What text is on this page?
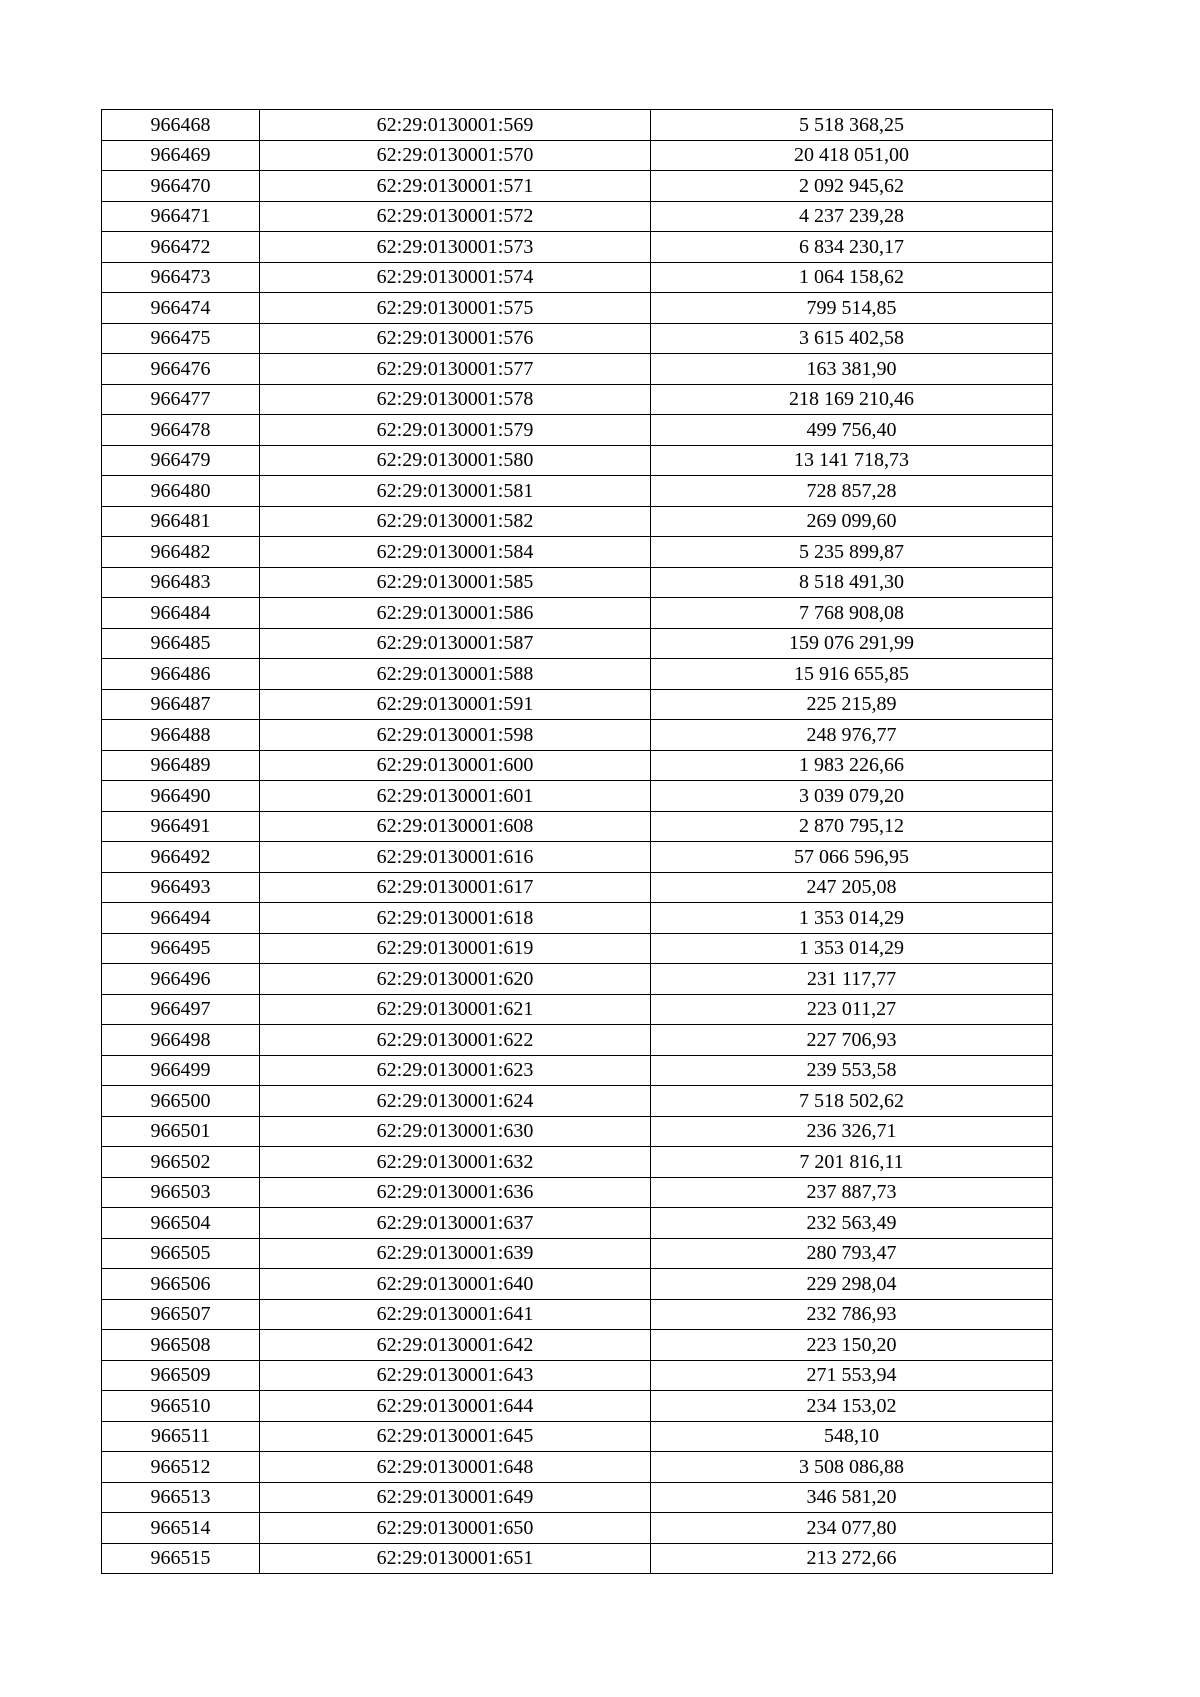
966468	62:29:0130001:569	5 518 368,25
966469	62:29:0130001:570	20 418 051,00
966470	62:29:0130001:571	2 092 945,62
966471	62:29:0130001:572	4 237 239,28
966472	62:29:0130001:573	6 834 230,17
966473	62:29:0130001:574	1 064 158,62
966474	62:29:0130001:575	799 514,85
966475	62:29:0130001:576	3 615 402,58
966476	62:29:0130001:577	163 381,90
966477	62:29:0130001:578	218 169 210,46
966478	62:29:0130001:579	499 756,40
966479	62:29:0130001:580	13 141 718,73
966480	62:29:0130001:581	728 857,28
966481	62:29:0130001:582	269 099,60
966482	62:29:0130001:584	5 235 899,87
966483	62:29:0130001:585	8 518 491,30
966484	62:29:0130001:586	7 768 908,08
966485	62:29:0130001:587	159 076 291,99
966486	62:29:0130001:588	15 916 655,85
966487	62:29:0130001:591	225 215,89
966488	62:29:0130001:598	248 976,77
966489	62:29:0130001:600	1 983 226,66
966490	62:29:0130001:601	3 039 079,20
966491	62:29:0130001:608	2 870 795,12
966492	62:29:0130001:616	57 066 596,95
966493	62:29:0130001:617	247 205,08
966494	62:29:0130001:618	1 353 014,29
966495	62:29:0130001:619	1 353 014,29
966496	62:29:0130001:620	231 117,77
966497	62:29:0130001:621	223 011,27
966498	62:29:0130001:622	227 706,93
966499	62:29:0130001:623	239 553,58
966500	62:29:0130001:624	7 518 502,62
966501	62:29:0130001:630	236 326,71
966502	62:29:0130001:632	7 201 816,11
966503	62:29:0130001:636	237 887,73
966504	62:29:0130001:637	232 563,49
966505	62:29:0130001:639	280 793,47
966506	62:29:0130001:640	229 298,04
966507	62:29:0130001:641	232 786,93
966508	62:29:0130001:642	223 150,20
966509	62:29:0130001:643	271 553,94
966510	62:29:0130001:644	234 153,02
966511	62:29:0130001:645	548,10
966512	62:29:0130001:648	3 508 086,88
966513	62:29:0130001:649	346 581,20
966514	62:29:0130001:650	234 077,80
966515	62:29:0130001:651	213 272,66
